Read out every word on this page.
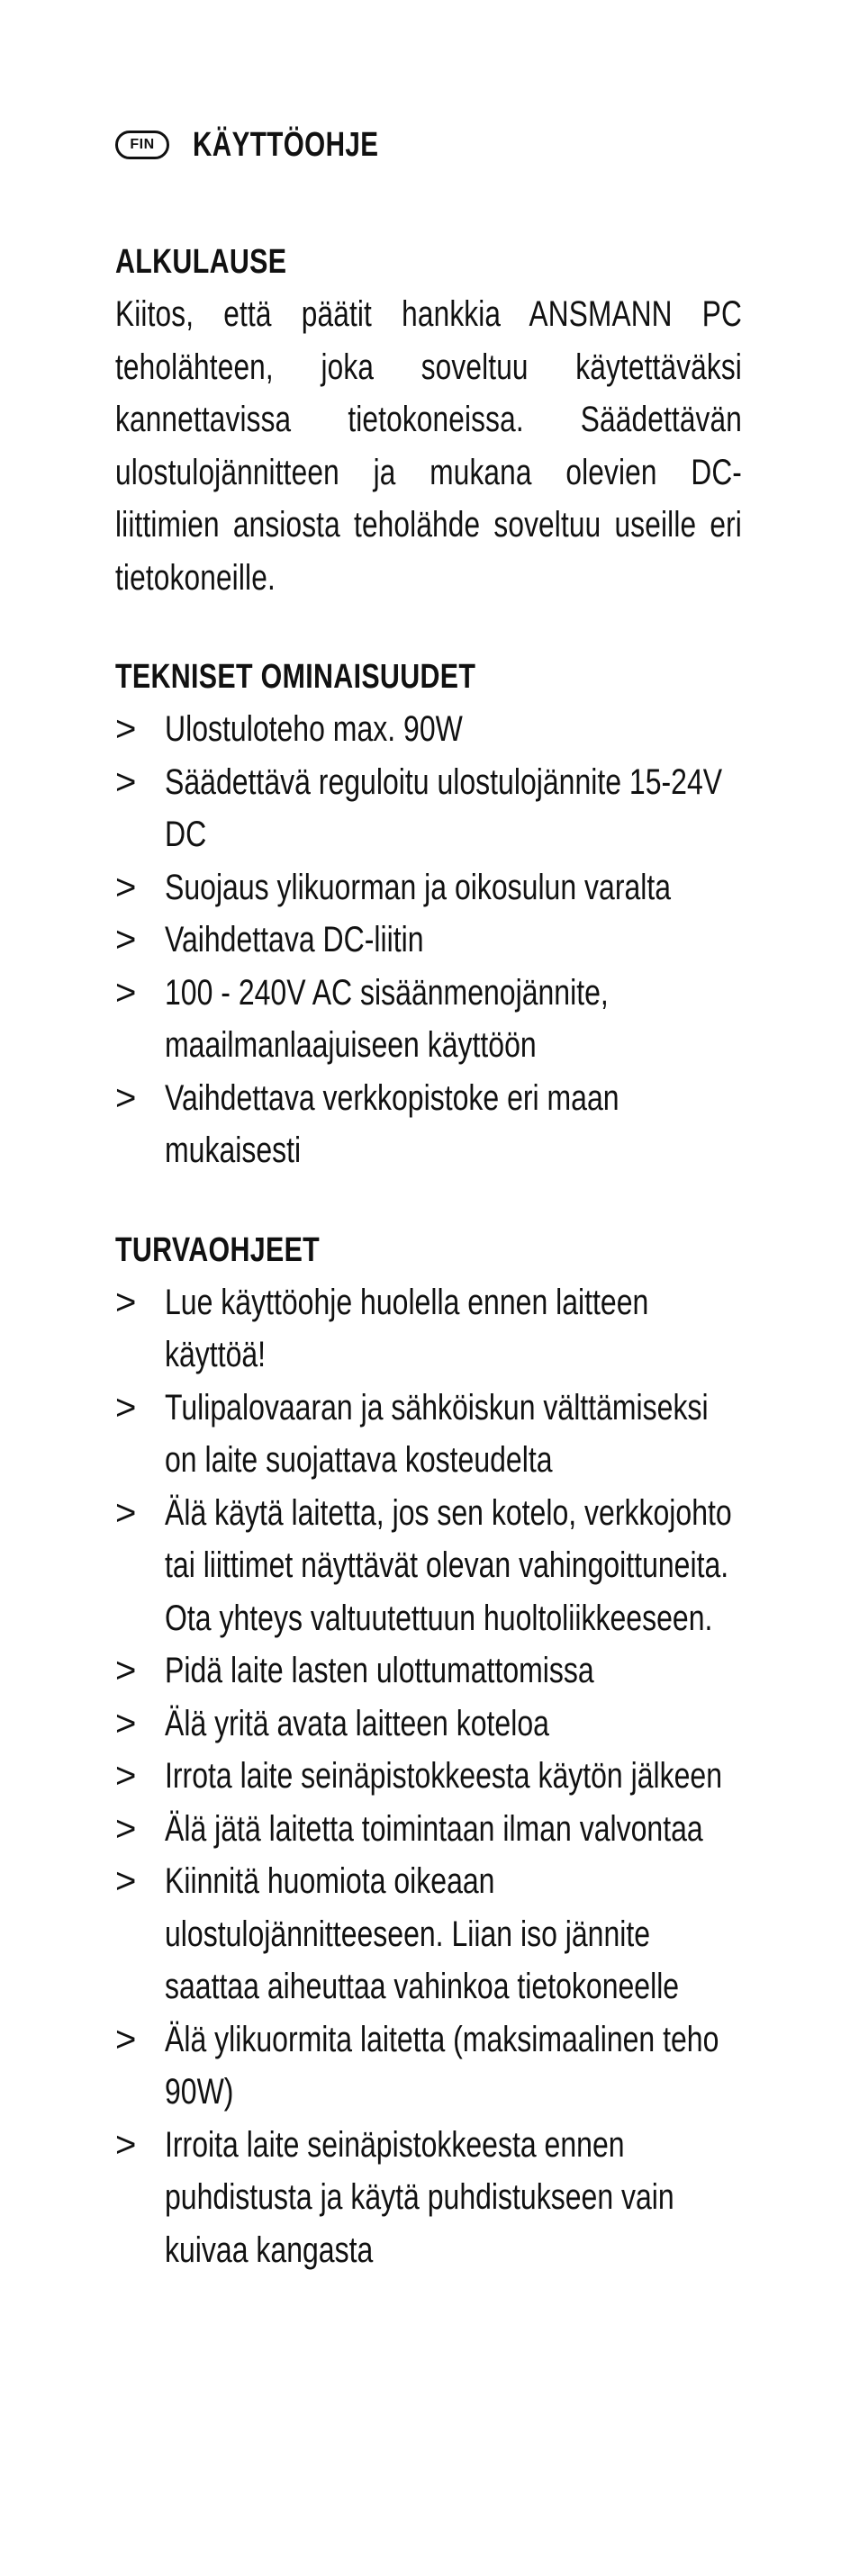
FIN	KÄYTTÖOHJE
ALKULAUSE
Kiitos, että päätit hankkia ANSMANN PC teholähteen, joka soveltuu käytettäväksi kannettavissa tietokoneissa. Säädettävän ulostulojännitteen ja mukana olevien DC-liittimien ansiosta teholähde soveltuu useille eri tietokoneille.
TEKNISET OMINAISUUDET
> Ulostuloteho max. 90W
> Säädettävä reguloitu ulostulojännite 15-24V DC
> Suojaus ylikuorman ja oikosulun varalta
> Vaihdettava DC-liitin
> 100 - 240V AC sisäänmenojännite, maailmanlaajuiseen käyttöön
> Vaihdettava verkkopistoke eri maan mukaisesti
TURVAOHJEET
> Lue käyttöohje huolella ennen laitteen käyttöä!
> Tulipalovaaran ja sähköiskun välttämiseksi on laite suojattava kosteudelta
> Älä käytä laitetta, jos sen kotelo, verkkojohto tai liittimet näyttävät olevan vahingoittuneita. Ota yhteys valtuutettuun huoltoliikkeeseen.
> Pidä laite lasten ulottumattomissa
> Älä yritä avata laitteen koteloa
> Irrota laite seinäpistokkeesta käytön jälkeen
> Älä jätä laitetta toimintaan ilman valvontaa
> Kiinnitä huomiota oikeaan ulostulojännitteeseen. Liian iso jännite saattaa aiheuttaa vahinkoa tietokoneelle
> Älä ylikuormita laitetta (maksimaalinen teho 90W)
> Irroita laite seinäpistokkeesta ennen puhdistusta ja käytä puhdistukseen vain kuivaa kangasta
